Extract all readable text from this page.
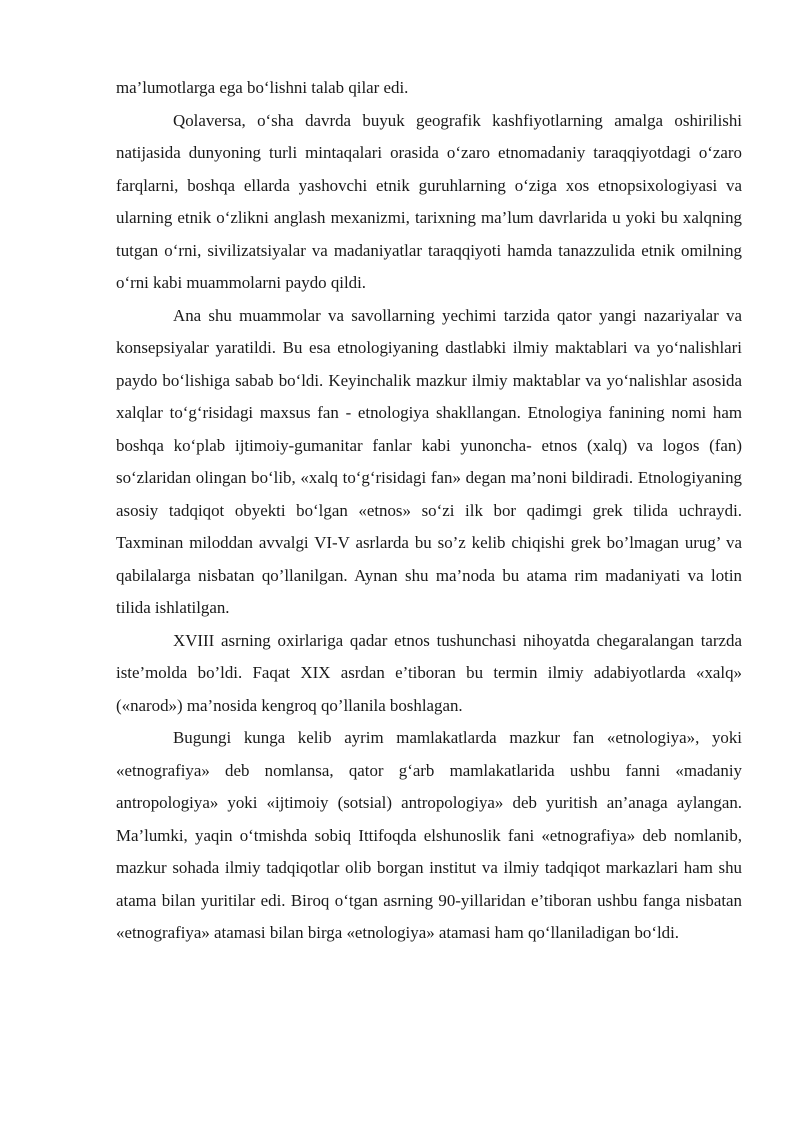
ma’lumotlarga ega bo‘lishni talab qilar edi.

Qolaversa, o‘sha davrda buyuk geografik kashfiyotlarning amalga oshirilishi natijasida dunyoning turli mintaqalari orasida o‘zaro etnomadaniy taraqqiyotdagi o‘zaro farqlarni, boshqa ellarda yashovchi etnik guruhlarning o‘ziga xos etnopsixologiyasi va ularning etnik o‘zlikni anglash mexanizmi, tarixning ma’lum davrlarida u yoki bu xalqning tutgan o‘rni, sivilizatsiyalar va madaniyatlar taraqqiyoti hamda tanazzulida etnik omilning o‘rni kabi muammolarni paydo qildi.

Ana shu muammolar va savollarning yechimi tarzida qator yangi nazariyalar va konsepsiyalar yaratildi. Bu esa etnologiyaning dastlabki ilmiy maktablari va yo‘nalishlari paydo bo‘lishiga sabab bo‘ldi. Keyinchalik mazkur ilmiy maktablar va yo‘nalishlar asosida xalqlar to‘g‘risidagi maxsus fan - etnologiya shakllangan. Etnologiya fanining nomi ham boshqa ko‘plab ijtimoiy-gumanitar fanlar kabi yunoncha- etnos (xalq) va logos (fan) so‘zlaridan olingan bo‘lib, «xalq to‘g‘risidagi fan» degan ma’noni bildiradi. Etnologiyaning asosiy tadqiqot obyekti bo‘lgan «etnos» so‘zi ilk bor qadimgi grek tilida uchraydi. Taxminan miloddan avvalgi VI-V asrlarda bu so’z kelib chiqishi grek bo’lmagan urug’ va qabilalarga nisbatan qo’llanilgan. Aynan shu ma’noda bu atama rim madaniyati va lotin tilida ishlatilgan.

XVIII asrning oxirlariga qadar etnos tushunchasi nihoyatda chegaralangan tarzda iste’molda bo’ldi. Faqat XIX asrdan e’tiboran bu termin ilmiy adabiyotlarda «xalq» («narod») ma’nosida kengroq qo’llanila boshlagan.

Bugungi kunga kelib ayrim mamlakatlarda mazkur fan «etnologiya», yoki «etnografiya» deb nomlansa, qator g‘arb mamlakatlarida ushbu fanni «madaniy antropologiya» yoki «ijtimoiy (sotsial) antropologiya» deb yuritish an’anaga aylangan. Ma’lumki, yaqin o‘tmishda sobiq Ittifoqda elshunoslik fani «etnografiya» deb nomlanib, mazkur sohada ilmiy tadqiqotlar olib borgan institut va ilmiy tadqiqot markazlari ham shu atama bilan yuritilar edi. Biroq o‘tgan asrning 90-yillaridan e’tiboran ushbu fanga nisbatan «etnografiya» atamasi bilan birga «etnologiya» atamasi ham qo‘llaniladigan bo‘ldi.
